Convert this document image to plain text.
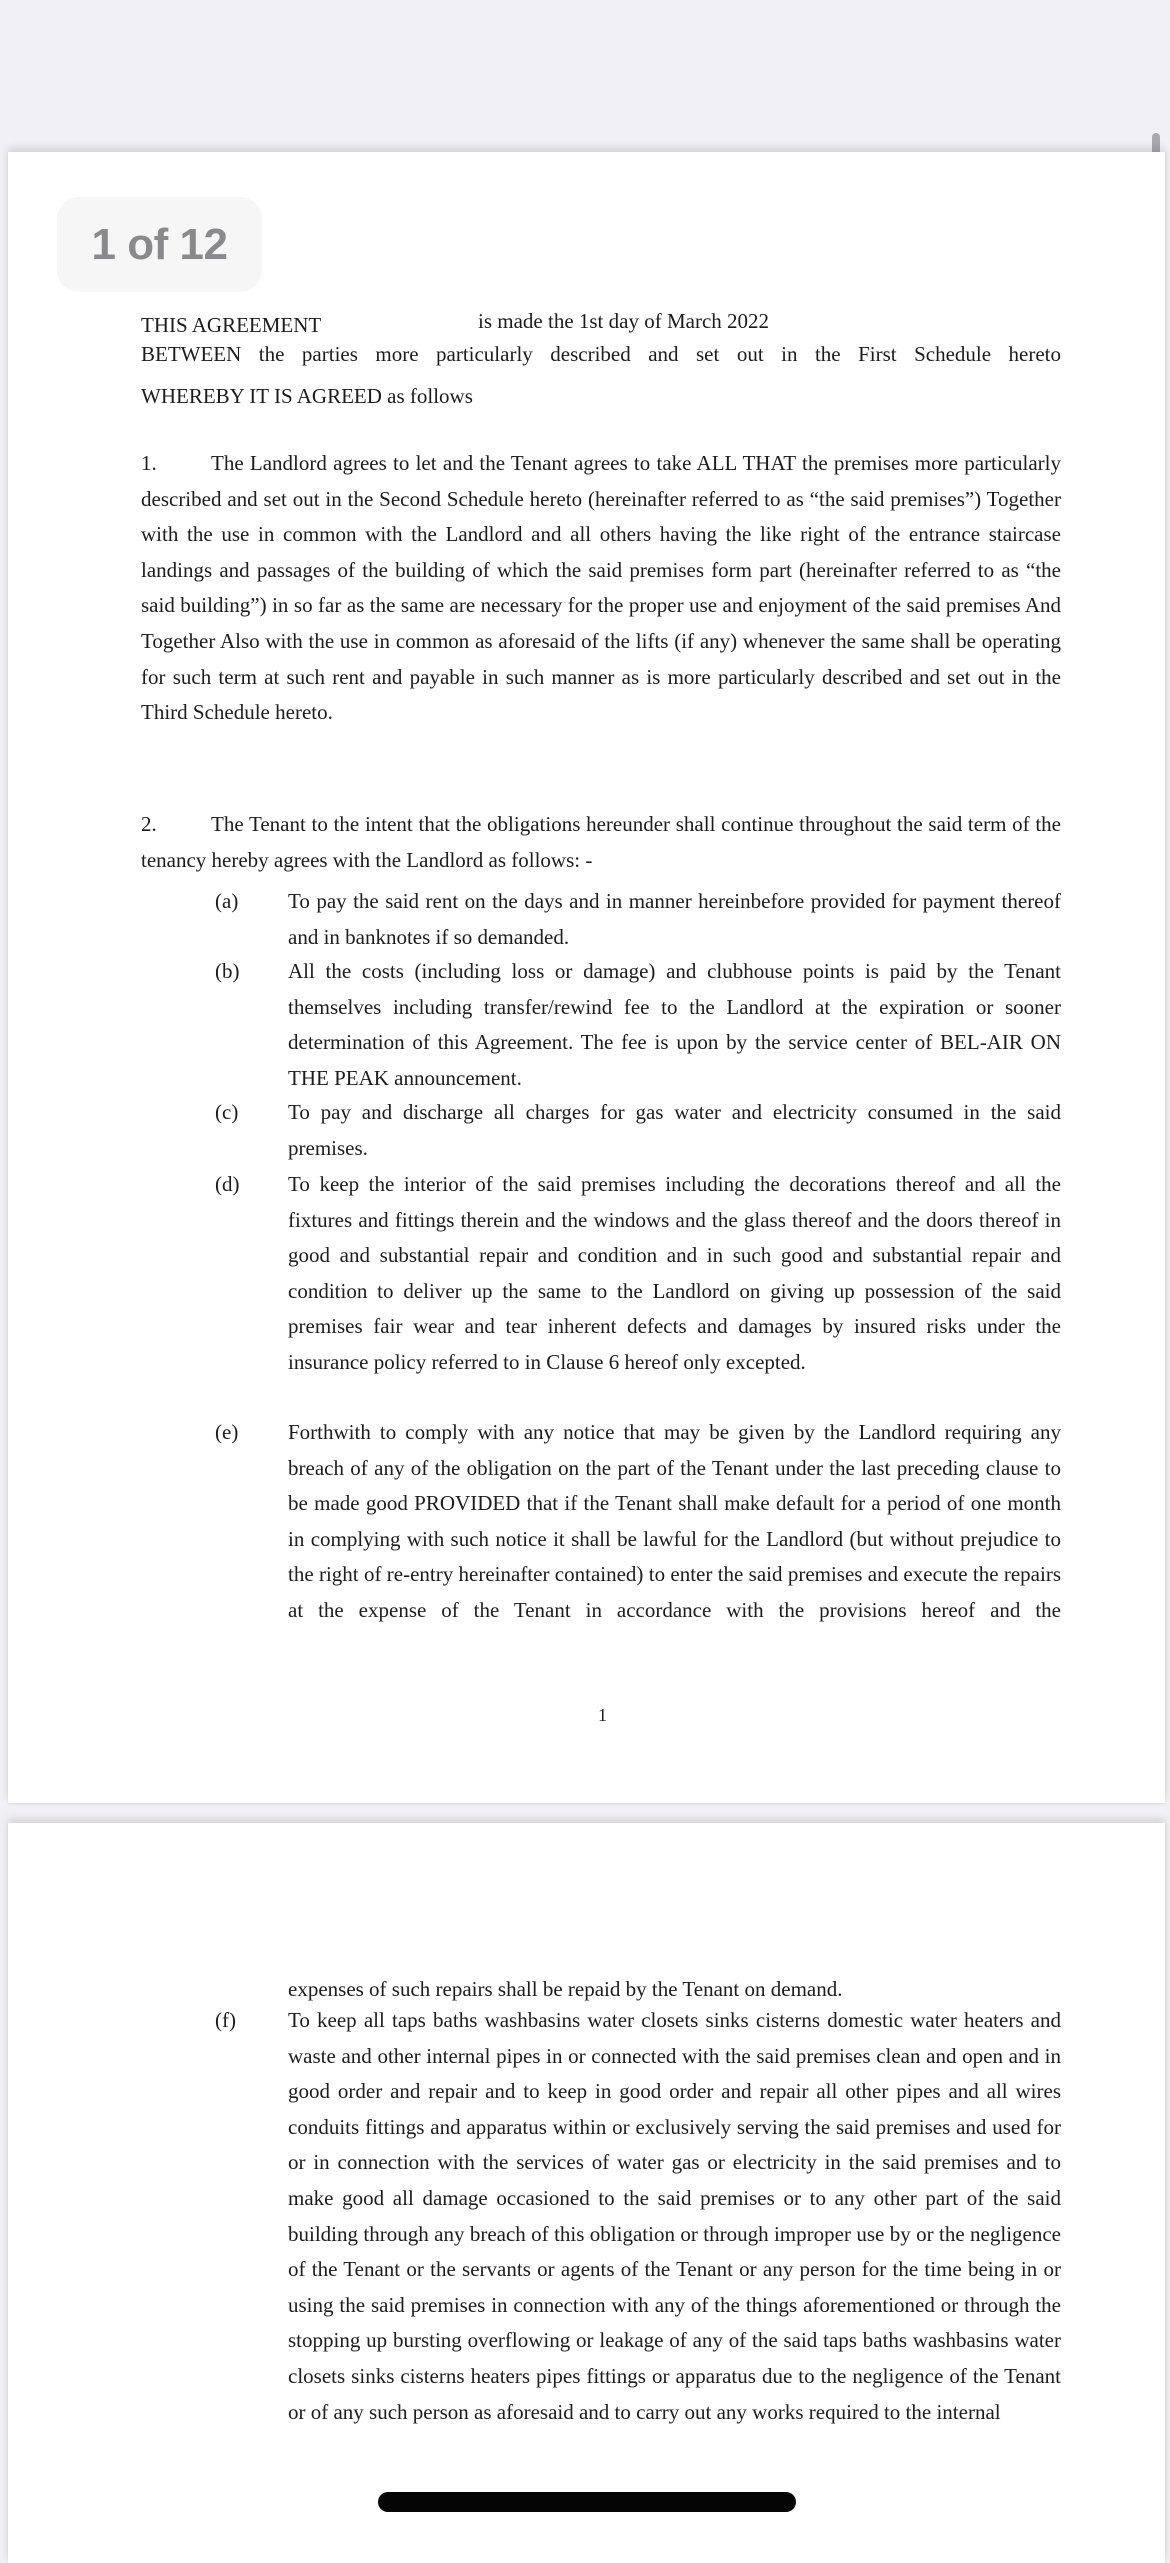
1 of 12
THIS AGREEMENT	is made the 1st day of March 2022
BETWEEN the parties more particularly described and set out in the First Schedule hereto
WHEREBY IT IS AGREED as follows
1.	The Landlord agrees to let and the Tenant agrees to take ALL THAT the premises more particularly described and set out in the Second Schedule hereto (hereinafter referred to as “the said premises”) Together with the use in common with the Landlord and all others having the like right of the entrance staircase landings and passages of the building of which the said premises form part (hereinafter referred to as “the said building”) in so far as the same are necessary for the proper use and enjoyment of the said premises And Together Also with the use in common as aforesaid of the lifts (if any) whenever the same shall be operating for such term at such rent and payable in such manner as is more particularly described and set out in the Third Schedule hereto.
2.	The Tenant to the intent that the obligations hereunder shall continue throughout the said term of the tenancy hereby agrees with the Landlord as follows: -
(a) To pay the said rent on the days and in manner hereinbefore provided for payment thereof and in banknotes if so demanded.
(b) All the costs (including loss or damage) and clubhouse points is paid by the Tenant themselves including transfer/rewind fee to the Landlord at the expiration or sooner determination of this Agreement. The fee is upon by the service center of BEL-AIR ON THE PEAK announcement.
(c) To pay and discharge all charges for gas water and electricity consumed in the said premises.
(d) To keep the interior of the said premises including the decorations thereof and all the fixtures and fittings therein and the windows and the glass thereof and the doors thereof in good and substantial repair and condition and in such good and substantial repair and condition to deliver up the same to the Landlord on giving up possession of the said premises fair wear and tear inherent defects and damages by insured risks under the insurance policy referred to in Clause 6 hereof only excepted.
(e) Forthwith to comply with any notice that may be given by the Landlord requiring any breach of any of the obligation on the part of the Tenant under the last preceding clause to be made good PROVIDED that if the Tenant shall make default for a period of one month in complying with such notice it shall be lawful for the Landlord (but without prejudice to the right of re-entry hereinafter contained) to enter the said premises and execute the repairs at the expense of the Tenant in accordance with the provisions hereof and the
1
expenses of such repairs shall be repaid by the Tenant on demand.
(f) To keep all taps baths washbasins water closets sinks cisterns domestic water heaters and waste and other internal pipes in or connected with the said premises clean and open and in good order and repair and to keep in good order and repair all other pipes and all wires conduits fittings and apparatus within or exclusively serving the said premises and used for or in connection with the services of water gas or electricity in the said premises and to make good all damage occasioned to the said premises or to any other part of the said building through any breach of this obligation or through improper use by or the negligence of the Tenant or the servants or agents of the Tenant or any person for the time being in or using the said premises in connection with any of the things aforementioned or through the stopping up bursting overflowing or leakage of any of the said taps baths washbasins water closets sinks cisterns heaters pipes fittings or apparatus due to the negligence of the Tenant or of any such person as aforesaid and to carry out any works required to the internal
